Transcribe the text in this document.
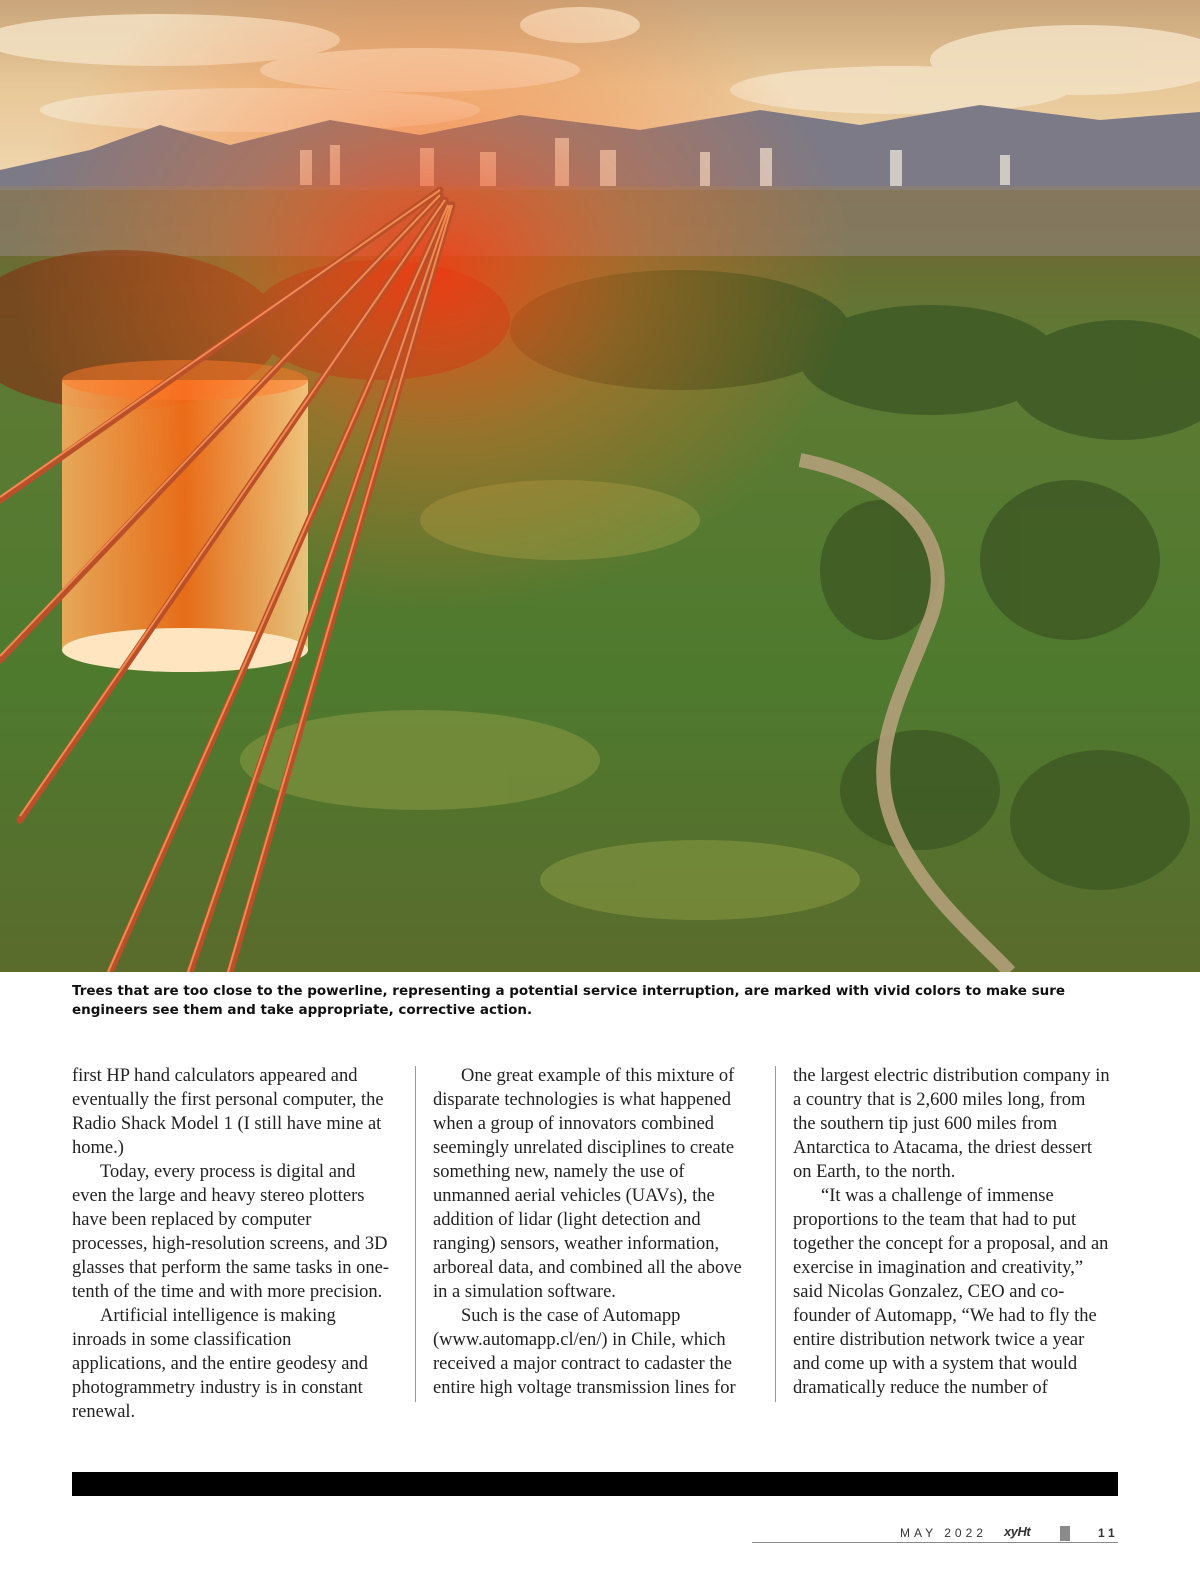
Trees that are too close to the powerline, representing a potential service interruption, are marked with vivid colors to make sure engineers see them and take appropriate, corrective action.

first HP hand calculators appeared and eventually the first personal computer, the Radio Shack Model 1 (I still have mine at home.)

Today, every process is digital and even the large and heavy stereo plotters have been replaced by computer processes, high-resolution screens, and 3D glasses that perform the same tasks in one-tenth of the time and with more precision.

Artificial intelligence is making inroads in some classification applications, and the entire geodesy and photogrammetry industry is in constant renewal.

One great example of this mixture of disparate technologies is what happened when a group of innovators combined seemingly unrelated disciplines to create something new, namely the use of unmanned aerial vehicles (UAVs), the addition of lidar (light detection and ranging) sensors, weather information, arboreal data, and combined all the above in a simulation software.

Such is the case of Automapp (www.automapp.cl/en/) in Chile, which received a major contract to cadaster the entire high voltage transmission lines for

the largest electric distribution company in a country that is 2,600 miles long, from the southern tip just 600 miles from Antarctica to Atacama, the driest dessert on Earth, to the north.

“It was a challenge of immense proportions to the team that had to put together the concept for a proposal, and an exercise in imagination and creativity,” said Nicolas Gonzalez, CEO and co-founder of Automapp, “We had to fly the entire distribution network twice a year and come up with a system that would dramatically reduce the number of

MAY 2022 xyHt	11
